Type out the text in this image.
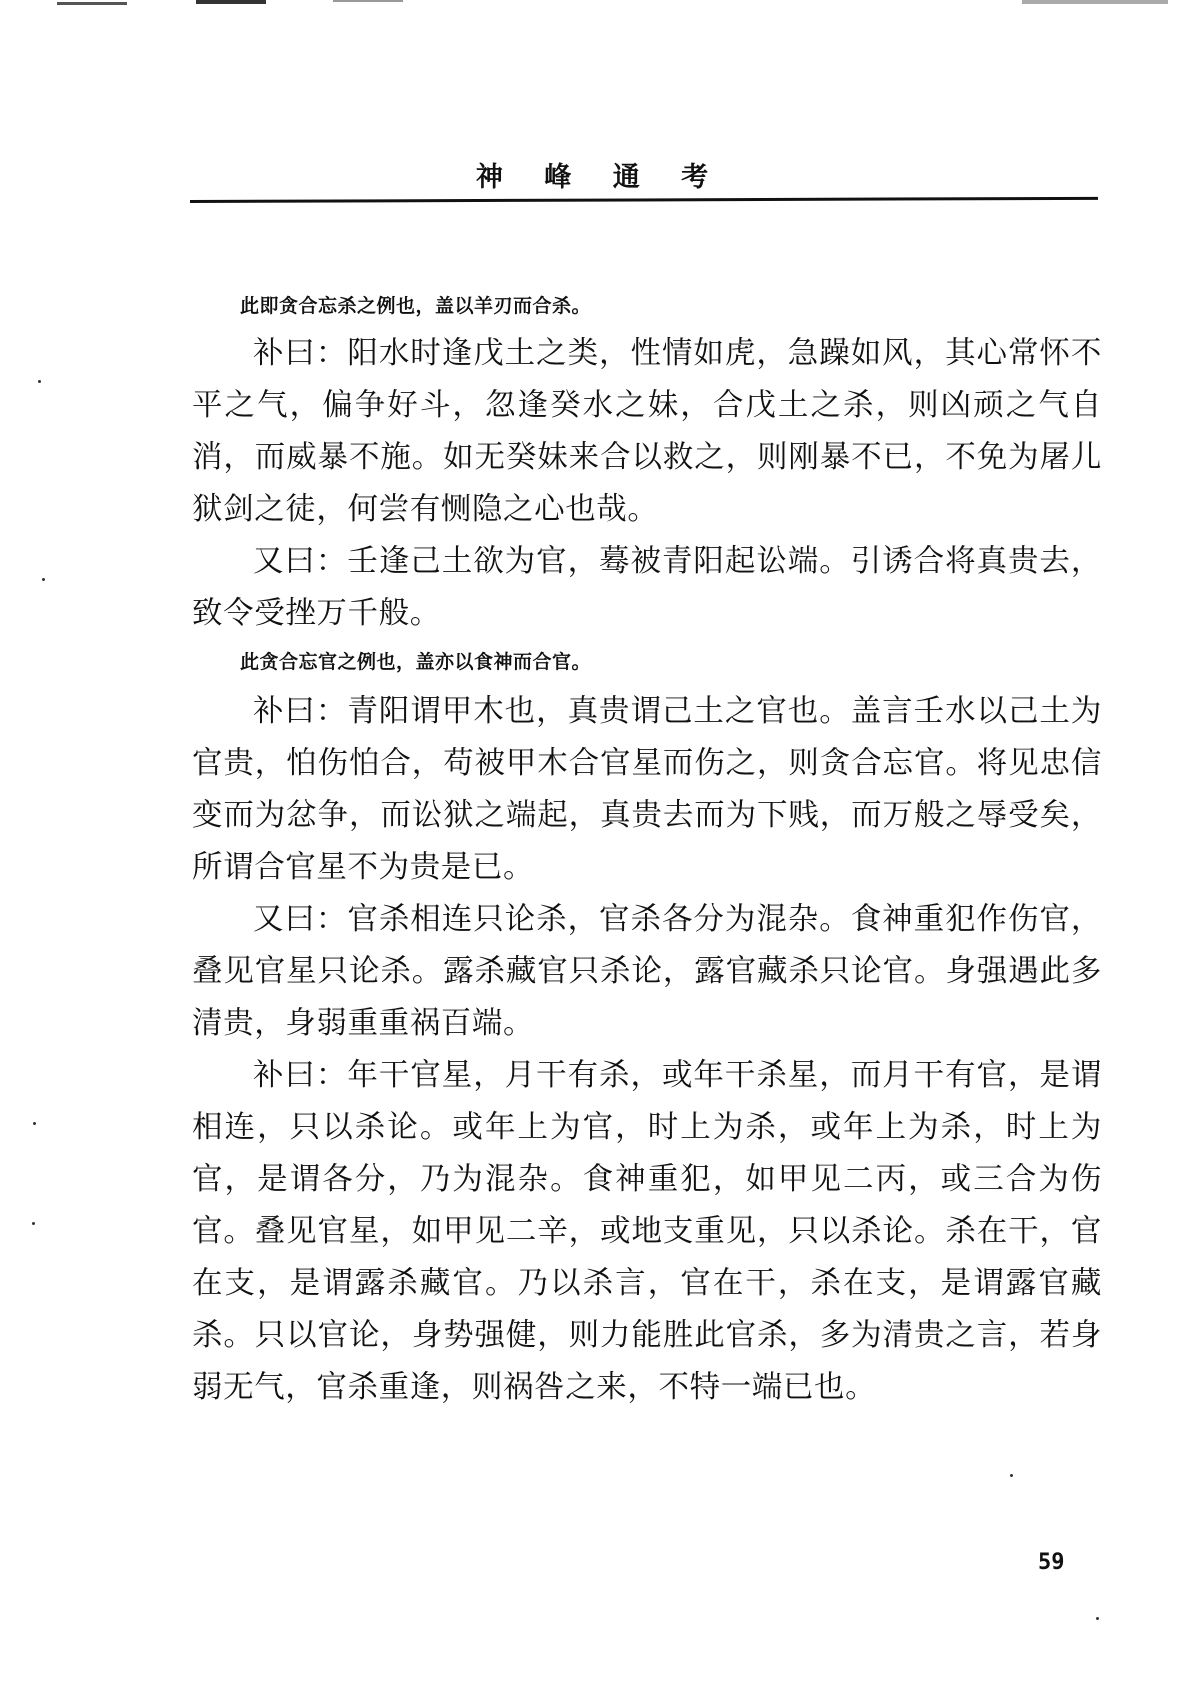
神 峰 通 考

此即贪合忘杀之例也，盖以羊刃而合杀。

补曰：阳水时逢戊土之类，性情如虎，急躁如风，其心常怀不平之气，偏争好斗，忽逢癸水之妹，合戊土之杀，则凶顽之气自消，而威暴不施。如无癸妹来合以救之，则刚暴不已，不免为屠儿狱剑之徒，何尝有恻隐之心也哉。

又曰：壬逢己土欲为官，蓦被青阳起讼端。引诱合将真贵去，致令受挫万千般。

此贪合忘官之例也，盖亦以食神而合官。

补曰：青阳谓甲木也，真贵谓己土之官也。盖言壬水以己土为官贵，怕伤怕合，苟被甲木合官星而伤之，则贪合忘官。将见忠信变而为忿争，而讼狱之端起，真贵去而为下贱，而万般之辱受矣，所谓合官星不为贵是已。

又曰：官杀相连只论杀，官杀各分为混杂。食神重犯作伤官，叠见官星只论杀。露杀藏官只杀论，露官藏杀只论官。身强遇此多清贵，身弱重重祸百端。

补曰：年干官星，月干有杀，或年干杀星，而月干有官，是谓相连，只以杀论。或年上为官，时上为杀，或年上为杀，时上为官，是谓各分，乃为混杂。食神重犯，如甲见二丙，或三合为伤官。叠见官星，如甲见二辛，或地支重见，只以杀论。杀在干，官在支，是谓露杀藏官。乃以杀言，官在干，杀在支，是谓露官藏杀。只以官论，身势强健，则力能胜此官杀，多为清贵之言，若身弱无气，官杀重逢，则祸咎之来，不特一端已也。

59
